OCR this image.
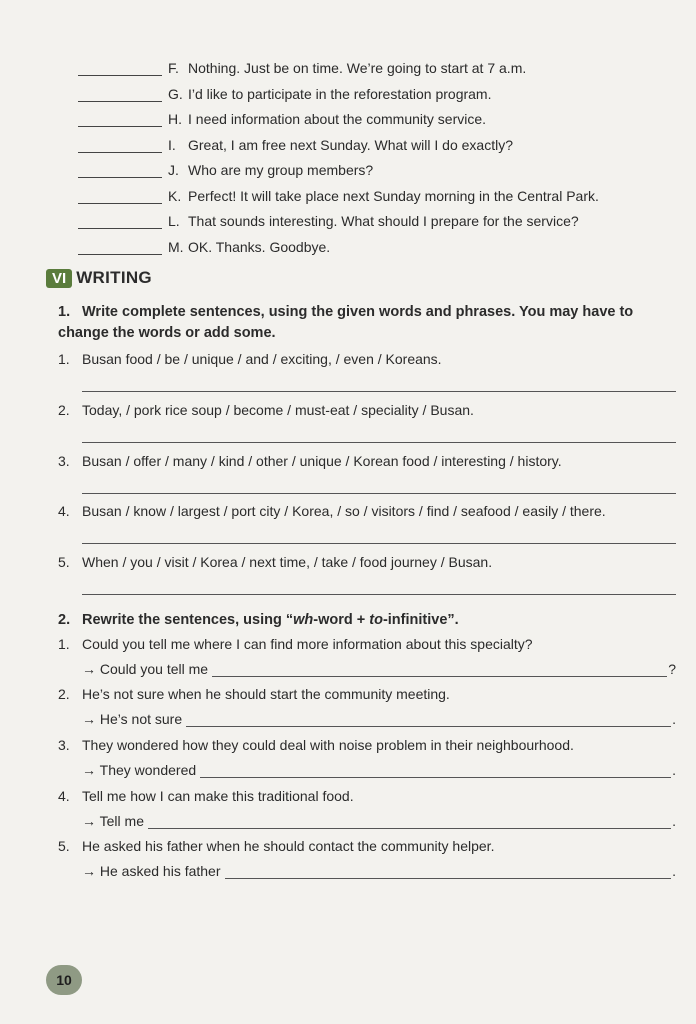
F. Nothing. Just be on time. We’re going to start at 7 a.m.
G. I’d like to participate in the reforestation program.
H. I need information about the community service.
I. Great, I am free next Sunday. What will I do exactly?
J. Who are my group members?
K. Perfect! It will take place next Sunday morning in the Central Park.
L. That sounds interesting. What should I prepare for the service?
M. OK. Thanks. Goodbye.
VI WRITING
1. Write complete sentences, using the given words and phrases. You may have to change the words or add some.
1. Busan food / be / unique / and / exciting, / even / Koreans.
2. Today, / pork rice soup / become / must-eat / speciality / Busan.
3. Busan / offer / many / kind / other / unique / Korean food / interesting / history.
4. Busan / know / largest / port city / Korea, / so / visitors / find / seafood / easily / there.
5. When / you / visit / Korea / next time, / take / food journey / Busan.
2. Rewrite the sentences, using “wh-word + to-infinitive”.
1. Could you tell me where I can find more information about this specialty?
→ Could you tell me	?
2. He’s not sure when he should start the community meeting.
→ He’s not sure	.
3. They wondered how they could deal with noise problem in their neighbourhood.
→ They wondered	.
4. Tell me how I can make this traditional food.
→ Tell me	.
5. He asked his father when he should contact the community helper.
→ He asked his father	.
10
